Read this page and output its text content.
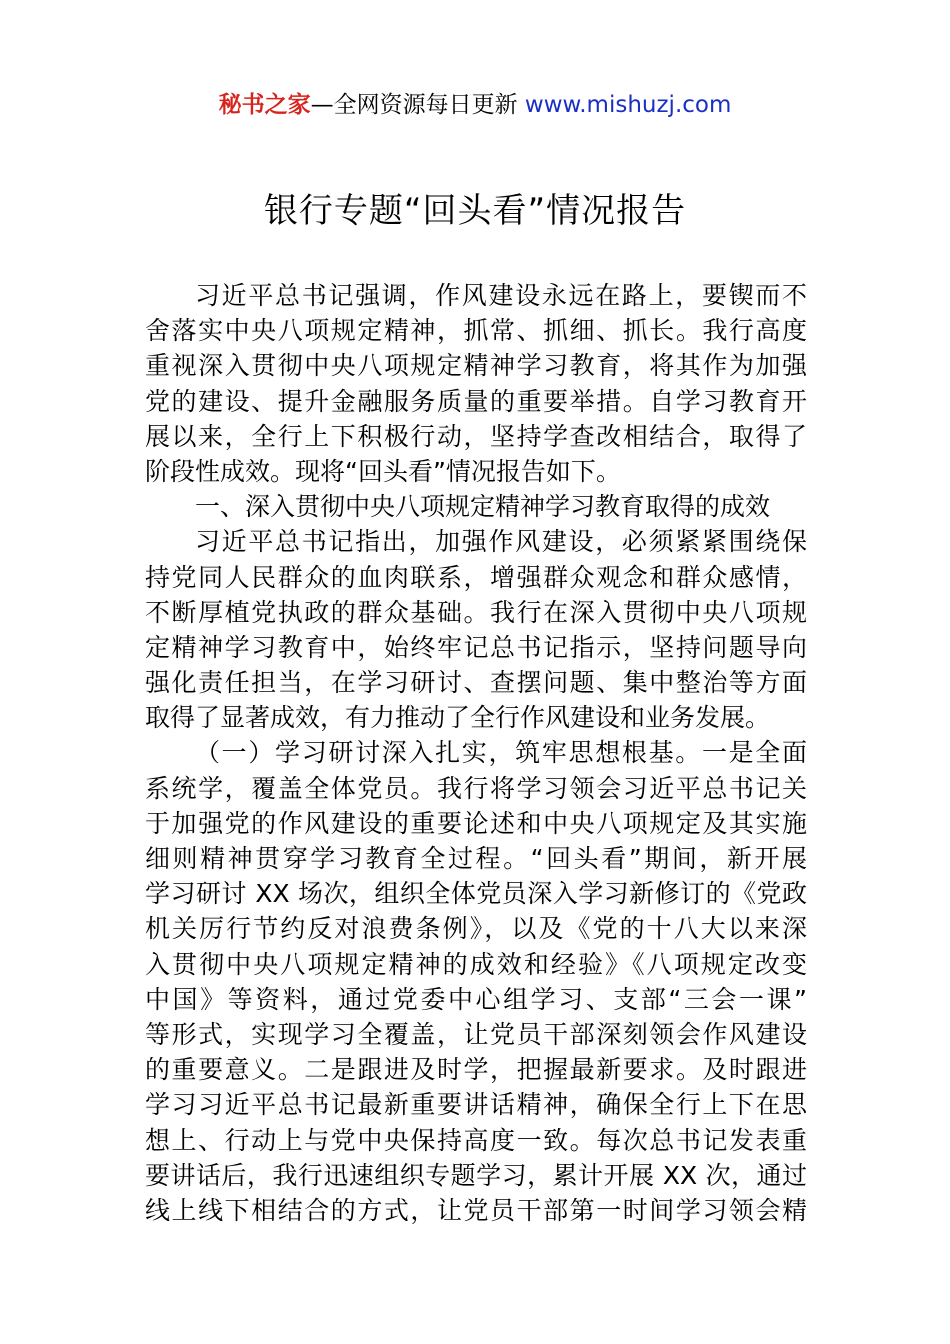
秘书之家—全网资源每日更新 www.mishuzj.com
银行专题“回头看”情况报告
习近平总书记强调，作风建设永远在路上，要锲而不
舍落实中央八项规定精神，抓常、抓细、抓长。我行高度
重视深入贯彻中央八项规定精神学习教育，将其作为加强
党的建设、提升金融服务质量的重要举措。自学习教育开
展以来，全行上下积极行动，坚持学查改相结合，取得了
阶段性成效。现将“回头看”情况报告如下。
一、深入贯彻中央八项规定精神学习教育取得的成效
习近平总书记指出，加强作风建设，必须紧紧围绕保
持党同人民群众的血肉联系，增强群众观念和群众感情，
不断厚植党执政的群众基础。我行在深入贯彻中央八项规
定精神学习教育中，始终牢记总书记指示，坚持问题导向
强化责任担当，在学习研讨、查摆问题、集中整治等方面
取得了显著成效，有力推动了全行作风建设和业务发展。
（一）学习研讨深入扎实，筑牢思想根基。一是全面
系统学，覆盖全体党员。我行将学习领会习近平总书记关
于加强党的作风建设的重要论述和中央八项规定及其实施
细则精神贯穿学习教育全过程。“回头看”期间，新开展
学习研讨 XX 场次，组织全体党员深入学习新修订的《党政
机关厉行节约反对浪费条例》，以及《党的十八大以来深
入贯彻中央八项规定精神的成效和经验》《八项规定改变
中国》等资料，通过党委中心组学习、支部“三会一课”
等形式，实现学习全覆盖，让党员干部深刻领会作风建设
的重要意义。二是跟进及时学，把握最新要求。及时跟进
学习习近平总书记最新重要讲话精神，确保全行上下在思
想上、行动上与党中央保持高度一致。每次总书记发表重
要讲话后，我行迅速组织专题学习，累计开展 XX 次，通过
线上线下相结合的方式，让党员干部第一时间学习领会精
